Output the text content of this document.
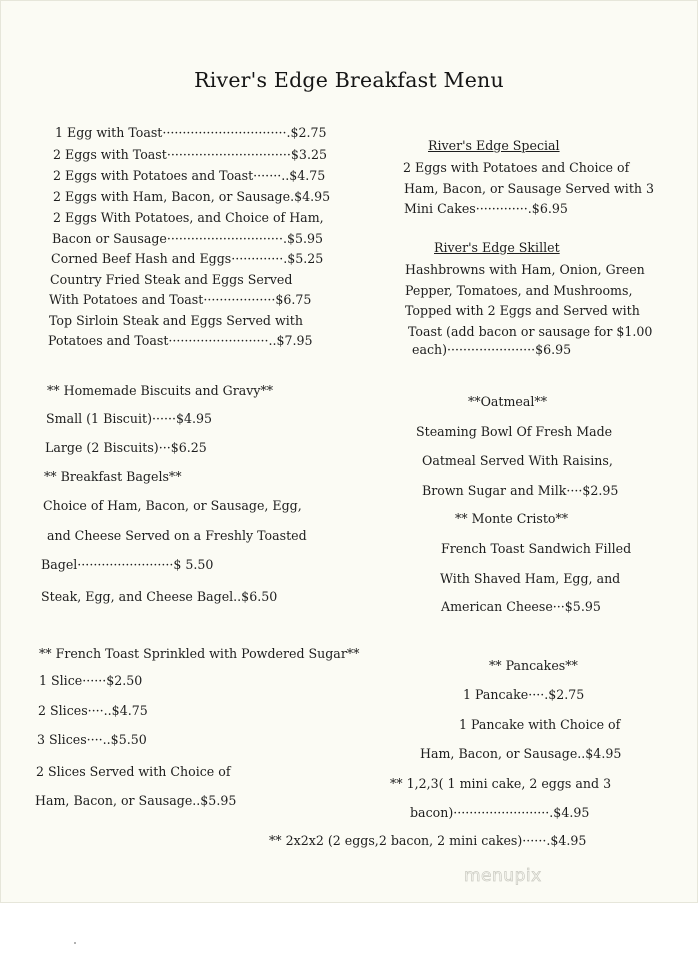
River's Edge Breakfast Menu
1 Egg with Toast·······························.$2.75
2 Eggs with Toast·······························$3.25
2 Eggs with Potatoes and Toast·······..$4.75
2 Eggs with Ham, Bacon, or Sausage.$4.95
2 Eggs With Potatoes, and Choice of Ham,
Bacon or Sausage·····························.$5.95
Corned Beef Hash and Eggs·············.$5.25
Country Fried Steak and Eggs Served
With Potatoes and Toast··················$6.75
Top Sirloin Steak and Eggs Served with
Potatoes and Toast·························..$7.95
River's Edge Special
2 Eggs with Potatoes and Choice of
Ham, Bacon, or Sausage Served with 3
Mini Cakes·············.$6.95
River's Edge Skillet
Hashbrowns with Ham, Onion, Green
Pepper, Tomatoes, and Mushrooms,
Topped with 2 Eggs and Served with
Toast (add bacon or sausage for $1.00
each)······················$6.95
** Homemade Biscuits and Gravy**
Small (1 Biscuit)······$4.95
Large (2 Biscuits)···$6.25
** Breakfast Bagels**
Choice of Ham, Bacon, or Sausage, Egg,
and Cheese Served on a Freshly Toasted
Bagel························$ 5.50
Steak, Egg, and Cheese Bagel..$6.50
**Oatmeal**
Steaming Bowl Of Fresh Made
Oatmeal Served With Raisins,
Brown Sugar and Milk····$2.95
** Monte Cristo**
French Toast Sandwich Filled
With Shaved Ham, Egg, and
American Cheese···$5.95
** French Toast Sprinkled with Powdered Sugar**
1 Slice······$2.50
2 Slices····..$4.75
3 Slices····..$5.50
2 Slices Served with Choice of
Ham, Bacon, or Sausage..$5.95
** Pancakes**
1 Pancake····.$2.75
1 Pancake with Choice of
Ham, Bacon, or Sausage..$4.95
** 1,2,3( 1 mini cake, 2 eggs and 3
bacon)························.$4.95
** 2x2x2 (2 eggs,2 bacon, 2 mini cakes)······.$4.95
menupix
